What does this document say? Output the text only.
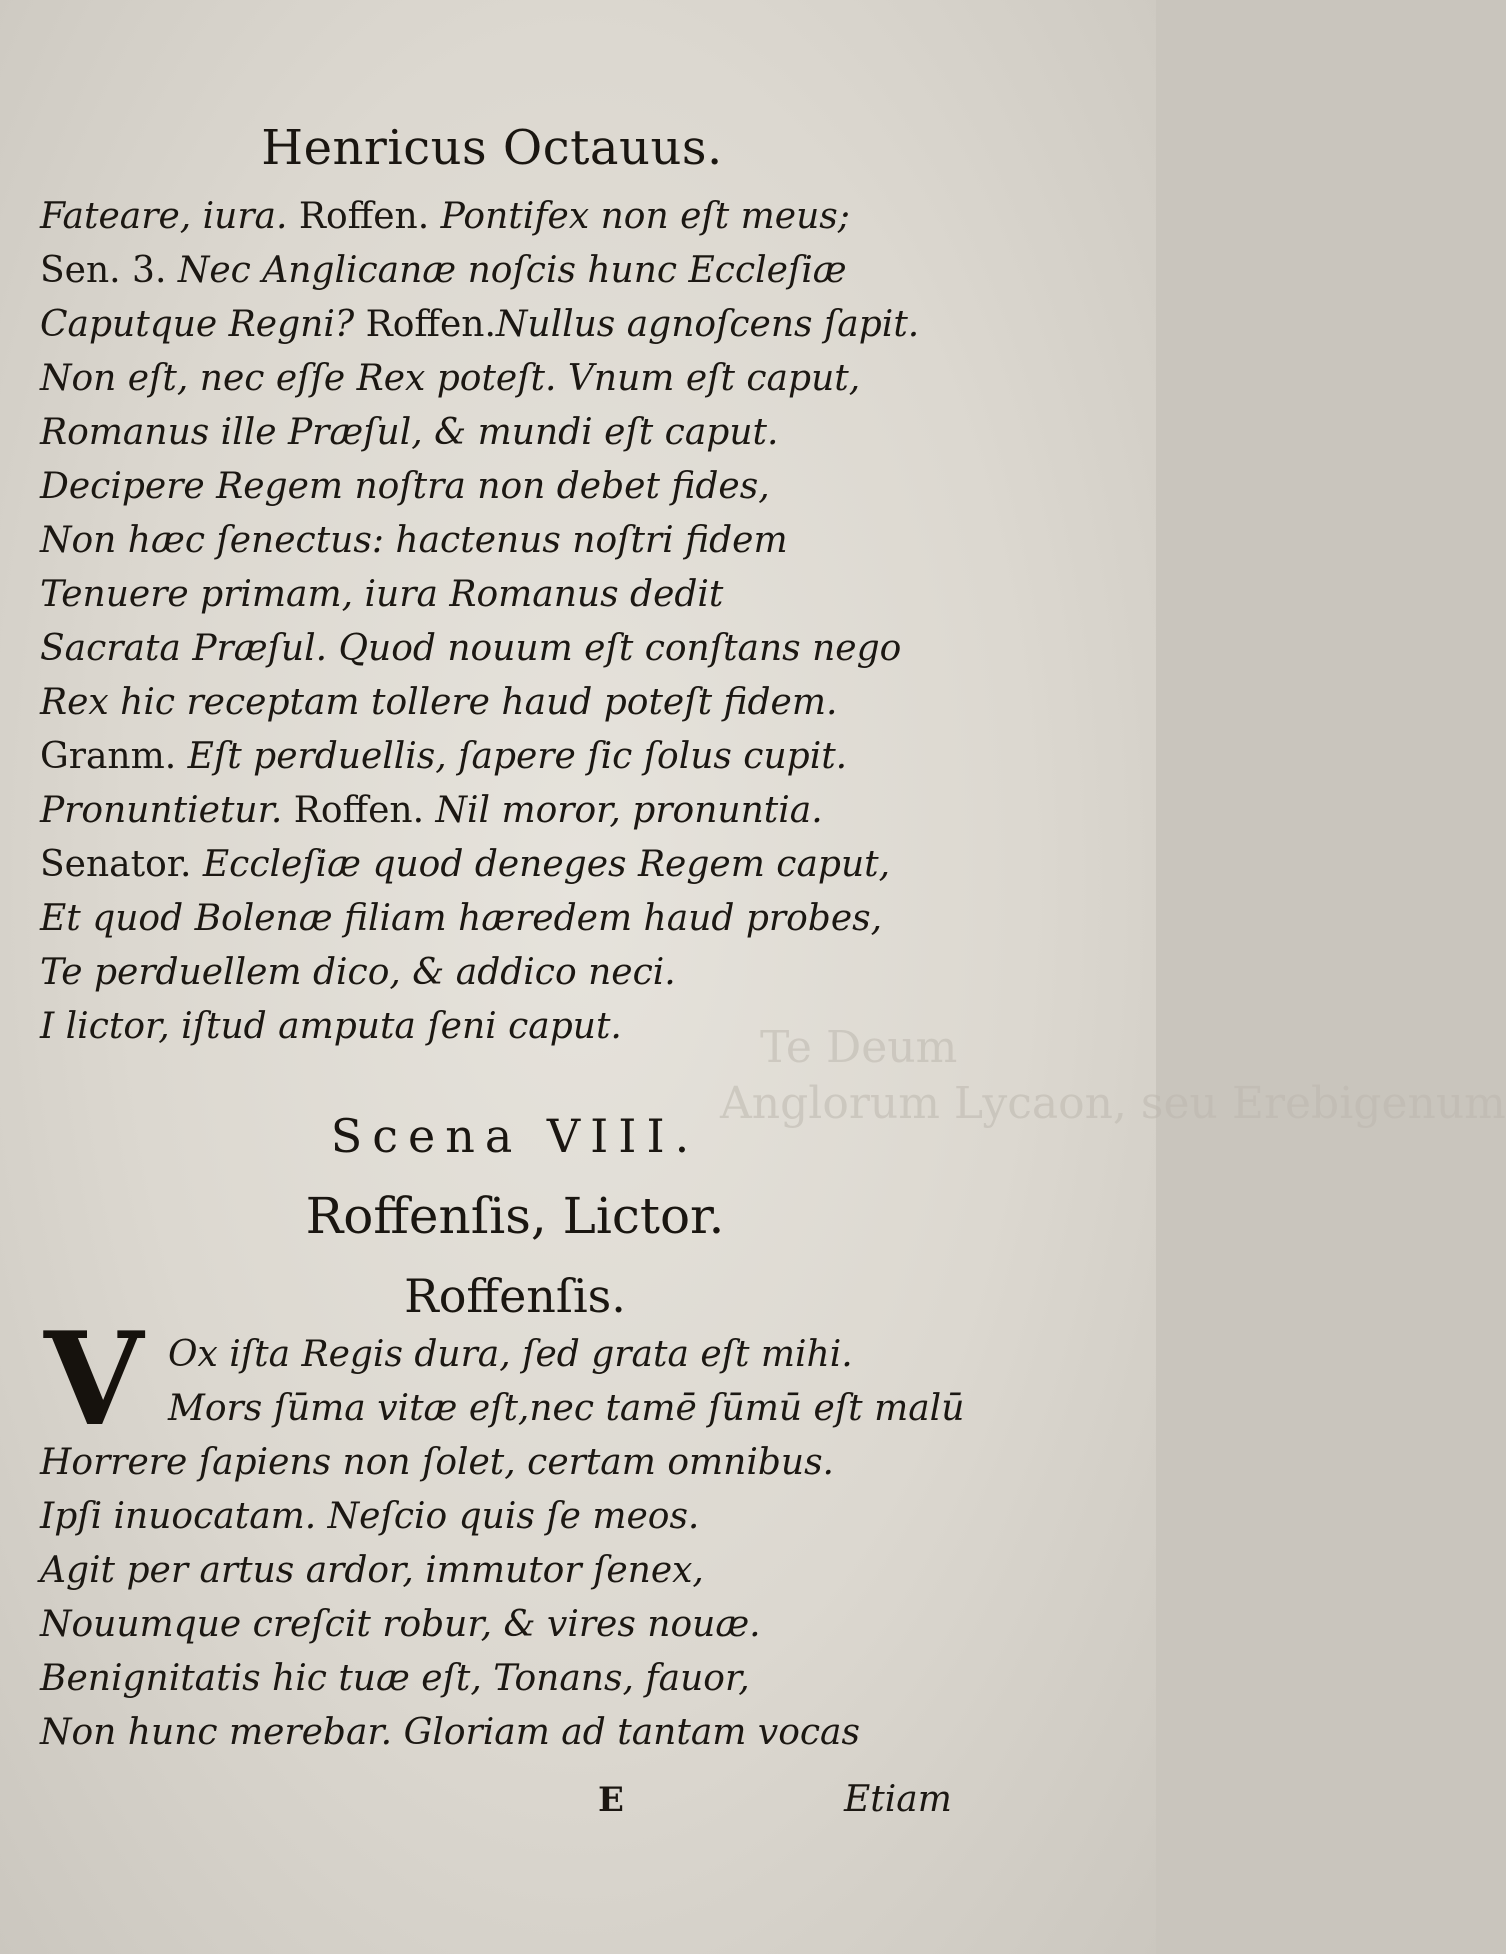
Te Deum
Anglorum Lycaon, seu Erebigenum
Henricus Octauus.
Fateare, iura. Roffen. Pontifex non eſt meus;
Sen. 3. Nec Anglicanæ noſcis hunc Eccleſiæ
Caputque Regni? Roffen.Nullus agnoſcens ſapit.
Non eſt, nec eſſe Rex poteſt. Vnum eſt caput,
Romanus ille Præſul, & mundi eſt caput.
Decipere Regem noſtra non debet fides,
Non hæc ſenectus: hactenus noſtri fidem
Tenuere primam, iura Romanus dedit
Sacrata Præſul. Quod nouum eſt conſtans nego
Rex hic receptam tollere haud poteſt fidem.
Granm. Eſt perduellis, ſapere ſic ſolus cupit.
Pronuntietur. Roffen. Nil moror, pronuntia.
Senator. Eccleſiæ quod deneges Regem caput,
Et quod Bolenæ filiam hæredem haud probes,
Te perduellem dico, & addico neci.
I lictor, iſtud amputa ſeni caput.
Scena VIII.
Roffenſis, Lictor.
Roffenſis.
V Ox iſta Regis dura, ſed grata eſt mihi.
Mors ſūma vitæ eſt,nec tamē ſūmū eſt malū
Horrere ſapiens non ſolet, certam omnibus.
Ipſi inuocatam. Neſcio quis ſe meos.
Agit per artus ardor, immutor ſenex,
Nouumque creſcit robur, & vires nouæ.
Benignitatis hic tuæ eſt, Tonans, fauor,
Non hunc merebar. Gloriam ad tantam vocas
E	Etiam
